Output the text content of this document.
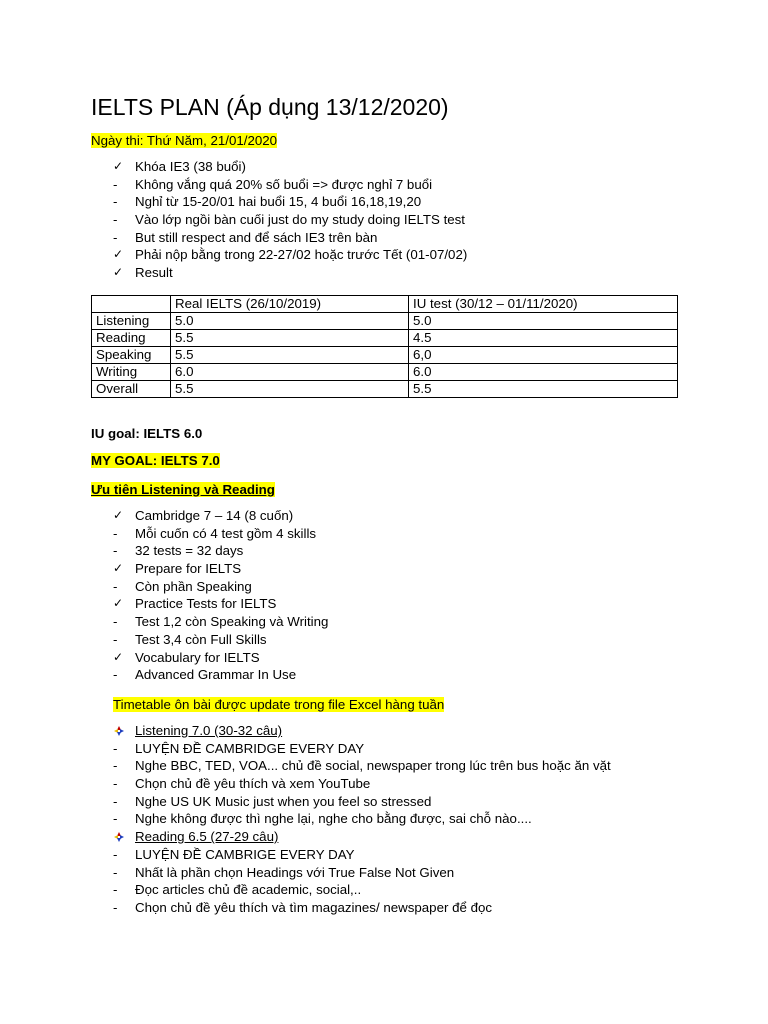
IELTS PLAN (Áp dụng 13/12/2020)
Ngày thi: Thứ Năm, 21/01/2020
✓ Khóa IE3 (38 buổi)
-	Không vắng quá 20% số buổi => được nghỉ 7 buổi
-	Nghỉ từ 15-20/01 hai buổi 15, 4 buổi 16,18,19,20
-	Vào lớp ngồi bàn cuối just do my study doing IELTS test
-	But still respect and để sách IE3 trên bàn
✓ Phải nộp bằng trong 22-27/02 hoặc trước Tết (01-07/02)
✓ Result
	Real IELTS (26/10/2019)	IU test (30/12 – 01/11/2020)
Listening	5.0	5.0
Reading	5.5	4.5
Speaking	5.5	6,0
Writing	6.0	6.0
Overall	5.5	5.5
IU goal: IELTS 6.0
MY GOAL: IELTS 7.0
Ưu tiên Listening và Reading
✓ Cambridge 7 – 14 (8 cuốn)
-	Mỗi cuốn có 4 test gồm 4 skills
-	32 tests = 32 days
✓ Prepare for IELTS
-	Còn phần Speaking
✓ Practice Tests for IELTS
-	Test 1,2 còn Speaking và Writing
-	Test 3,4 còn Full Skills
✓ Vocabulary for IELTS
-	Advanced Grammar In Use
Timetable ôn bài được update trong file Excel hàng tuần
Listening 7.0 (30-32 câu)
-	LUYỆN ĐỀ CAMBRIDGE EVERY DAY
-	Nghe BBC, TED, VOA... chủ đề social, newspaper trong lúc trên bus hoặc ăn vặt
-	Chọn chủ đề yêu thích và xem YouTube
-	Nghe US UK Music just when you feel so stressed
-	Nghe không được thì nghe lại, nghe cho bằng được, sai chỗ nào....
Reading 6.5 (27-29 câu)
-	LUYỆN ĐỀ CAMBRIGE EVERY DAY
-	Nhất là phần chọn Headings với True False Not Given
-	Đọc articles chủ đề academic, social,..
-	Chọn chủ đề yêu thích và tìm magazines/ newspaper để đọc
